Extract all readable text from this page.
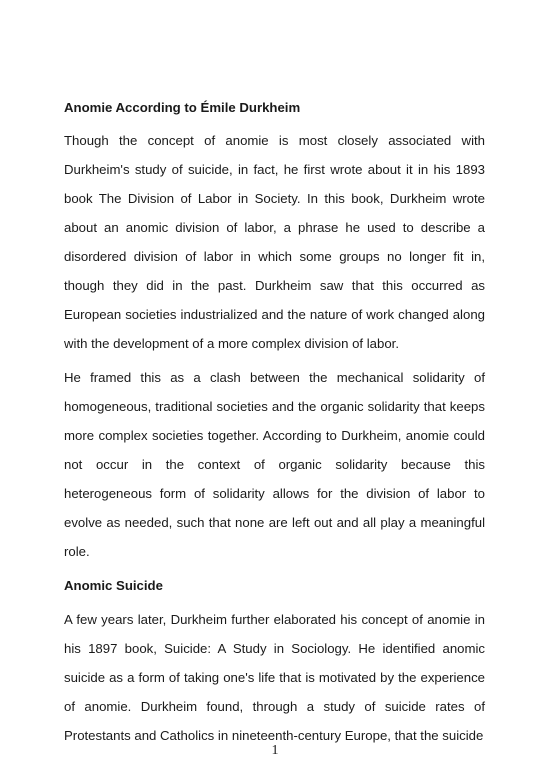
Anomie According to Émile Durkheim

Though the concept of anomie is most closely associated with Durkheim's study of suicide, in fact, he first wrote about it in his 1893 book The Division of Labor in Society. In this book, Durkheim wrote about an anomic division of labor, a phrase he used to describe a disordered division of labor in which some groups no longer fit in, though they did in the past. Durkheim saw that this occurred as European societies industrialized and the nature of work changed along with the development of a more complex division of labor.

He framed this as a clash between the mechanical solidarity of homogeneous, traditional societies and the organic solidarity that keeps more complex societies together. According to Durkheim, anomie could not occur in the context of organic solidarity because this heterogeneous form of solidarity allows for the division of labor to evolve as needed, such that none are left out and all play a meaningful role.

Anomic Suicide

A few years later, Durkheim further elaborated his concept of anomie in his 1897 book, Suicide: A Study in Sociology. He identified anomic suicide as a form of taking one's life that is motivated by the experience of anomie. Durkheim found, through a study of suicide rates of Protestants and Catholics in nineteenth-century Europe, that the suicide

1
